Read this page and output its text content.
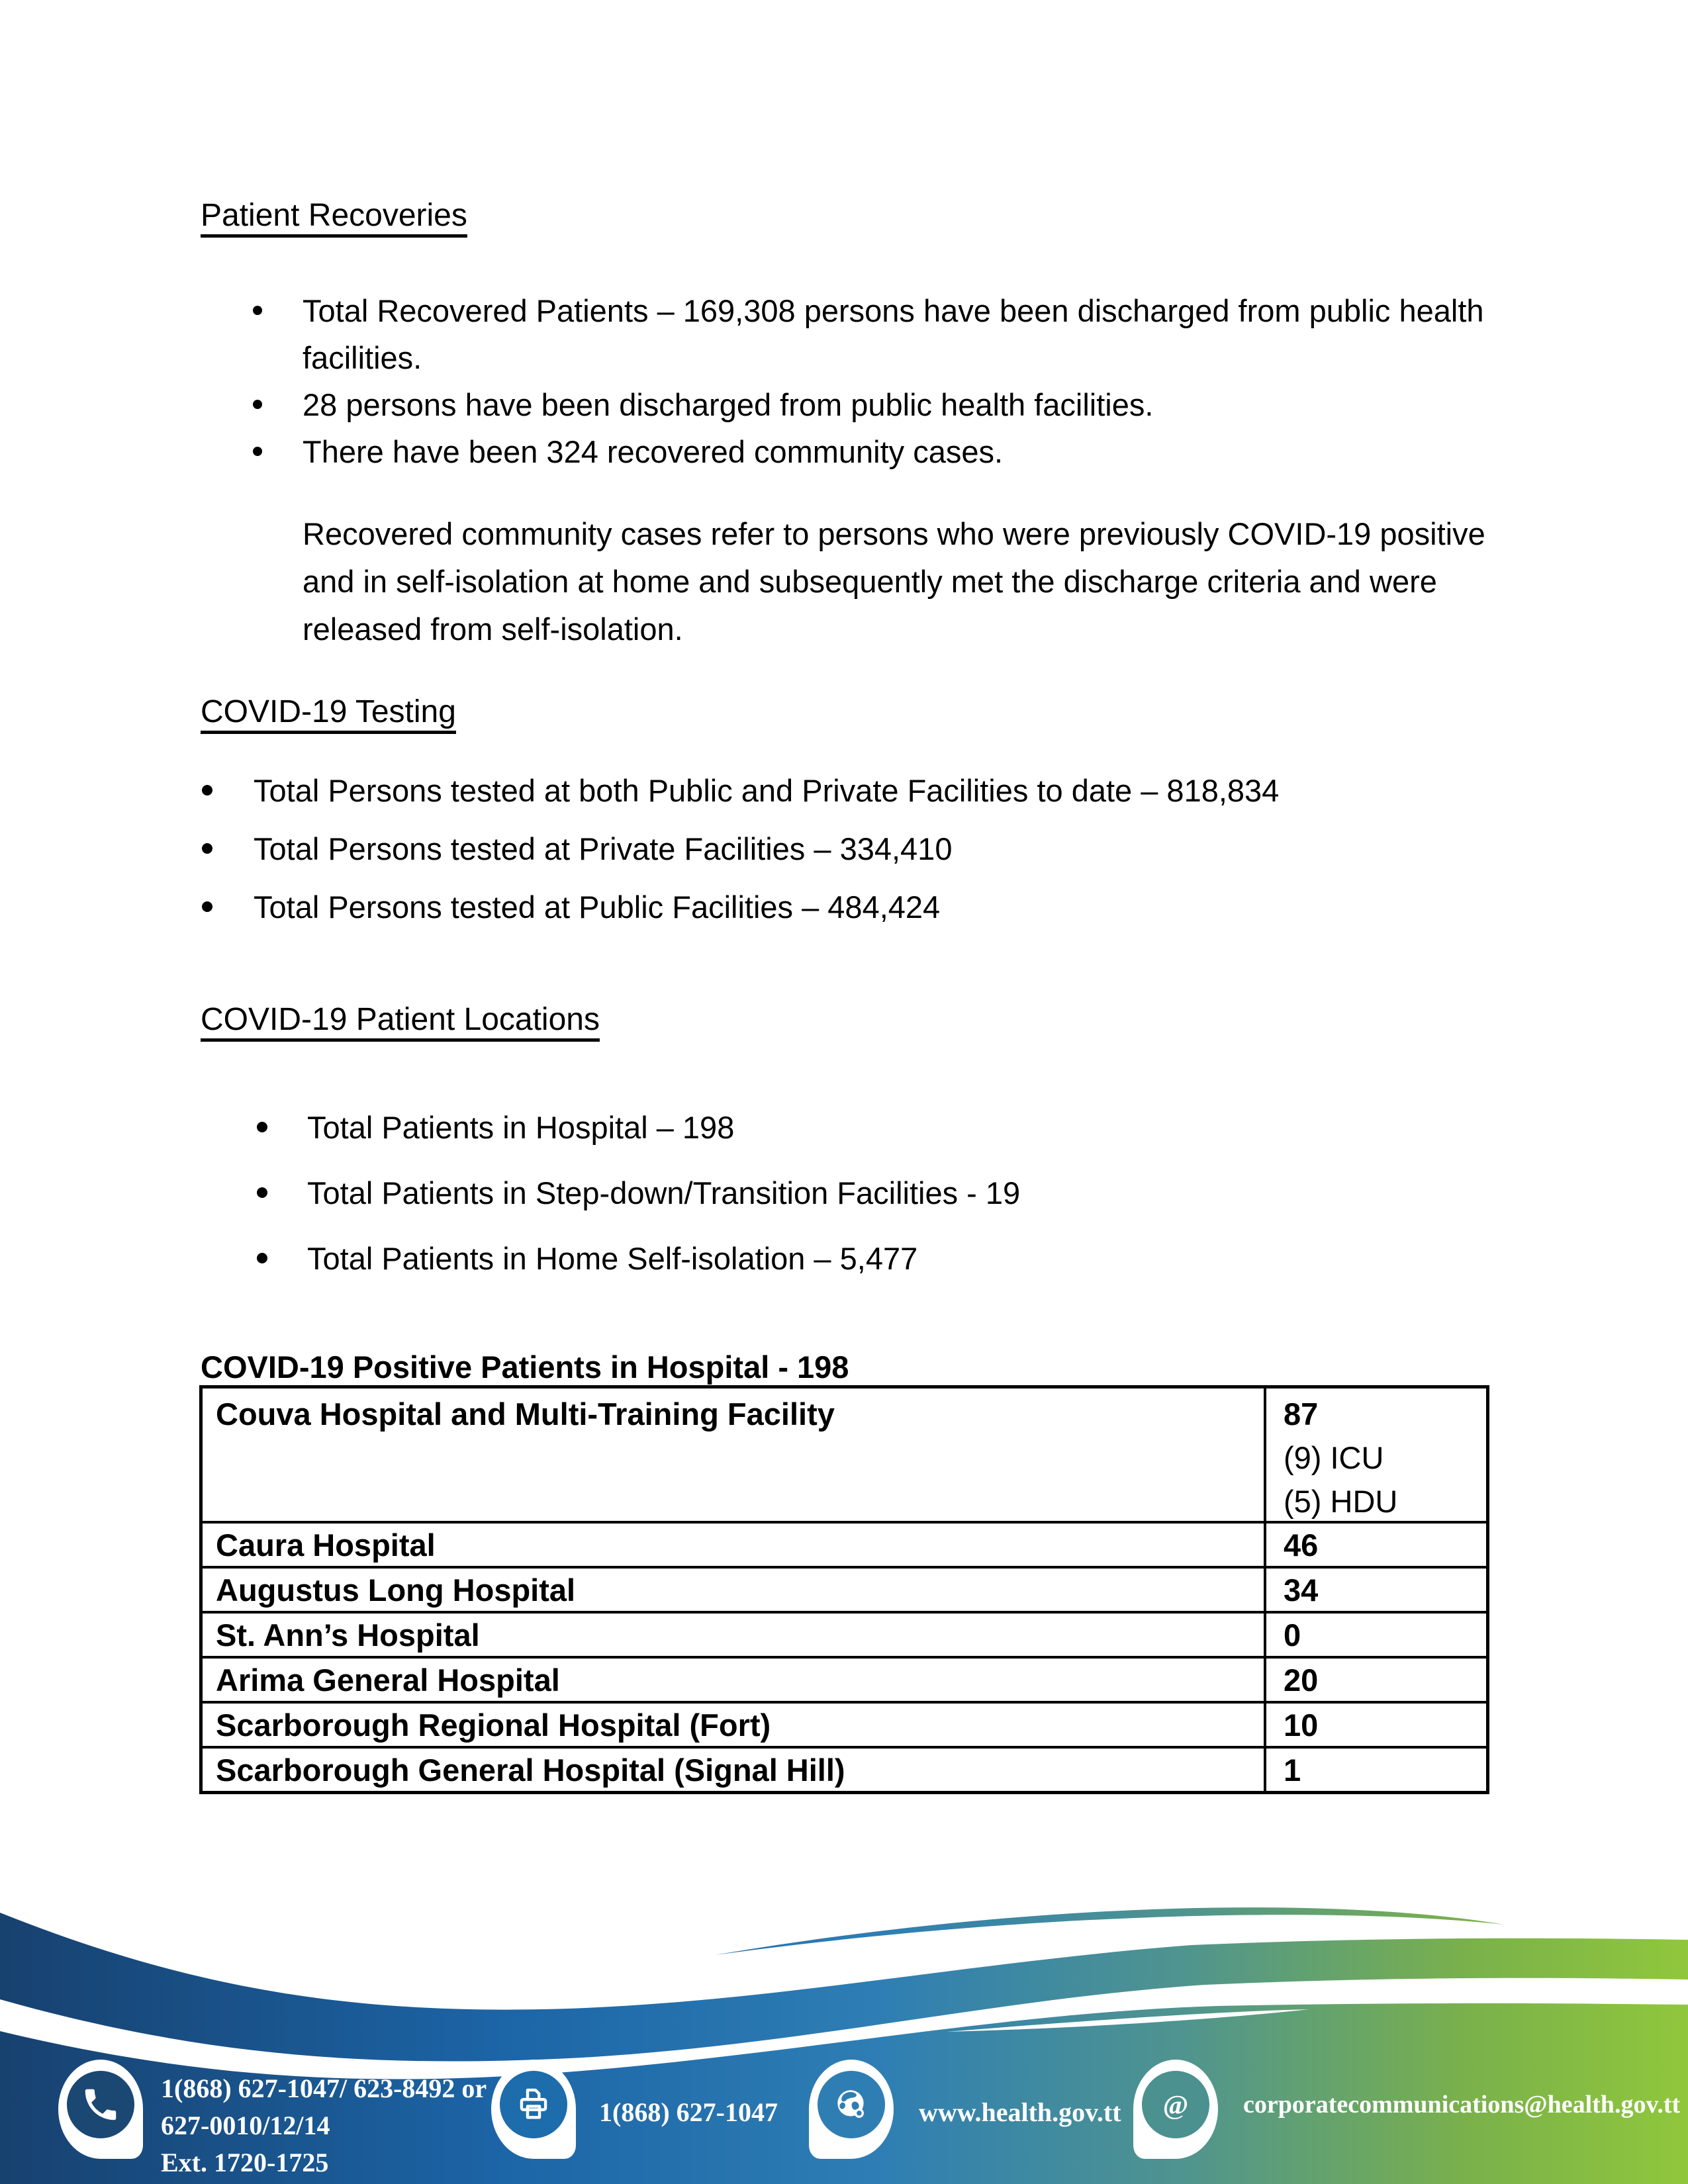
Patient Recoveries
Total Recovered Patients – 169,308 persons have been discharged from public health facilities.
28 persons have been discharged from public health facilities.
There have been 324 recovered community cases.
Recovered community cases refer to persons who were previously COVID-19 positive and in self-isolation at home and subsequently met the discharge criteria and were released from self-isolation.
COVID-19 Testing
Total Persons tested at both Public and Private Facilities to date – 818,834
Total Persons tested at Private Facilities – 334,410
Total Persons tested at Public Facilities – 484,424
COVID-19 Patient Locations
Total Patients in Hospital – 198
Total Patients in Step-down/Transition Facilities - 19
Total Patients in Home Self-isolation – 5,477
COVID-19 Positive Patients in Hospital - 198
Couva Hospital and Multi-Training Facility	87
(9) ICU
(5) HDU
Caura Hospital	46
Augustus Long Hospital	34
St. Ann’s Hospital	0
Arima General Hospital	20
Scarborough Regional Hospital (Fort)	10
Scarborough General Hospital (Signal Hill)	1
1(868) 627-1047/ 623-8492 or
627-0010/12/14
Ext. 1720-1725
1(868) 627-1047	www.health.gov.tt	@ corporatecommunications@health.gov.tt
